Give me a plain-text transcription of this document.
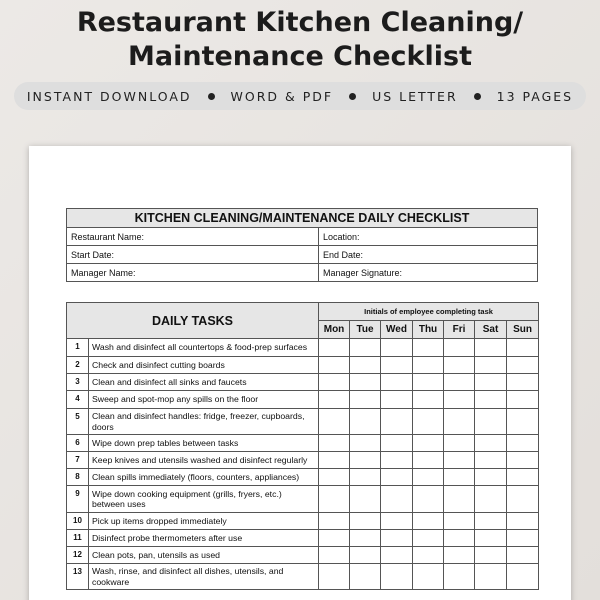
Restaurant Kitchen Cleaning/
Maintenance Checklist
INSTANT DOWNLOAD	WORD & PDF	US LETTER	13 PAGES
KITCHEN CLEANING/MAINTENANCE DAILY CHECKLIST	
Restaurant Name:	Location:
Start Date:	End Date:
Manager Name:	Manager Signature:
DAILY TASKS		Initials of employee completing task						
		Mon	Tue	Wed	Thu	Fri	Sat	Sun
1	Wash and disinfect all countertops & food-prep surfaces							
2	Check and disinfect cutting boards							
3	Clean and disinfect all sinks and faucets							
4	Sweep and spot-mop any spills on the floor							
5	Clean and disinfect handles: fridge, freezer, cupboards, doors							
6	Wipe down prep tables between tasks							
7	Keep knives and utensils washed and disinfect regularly							
8	Clean spills immediately (floors, counters, appliances)							
9	Wipe down cooking equipment (grills, fryers, etc.) between uses							
10	Pick up items dropped immediately							
11	Disinfect probe thermometers after use							
12	Clean pots, pan, utensils as used							
13	Wash, rinse, and disinfect all dishes, utensils, and cookware							
